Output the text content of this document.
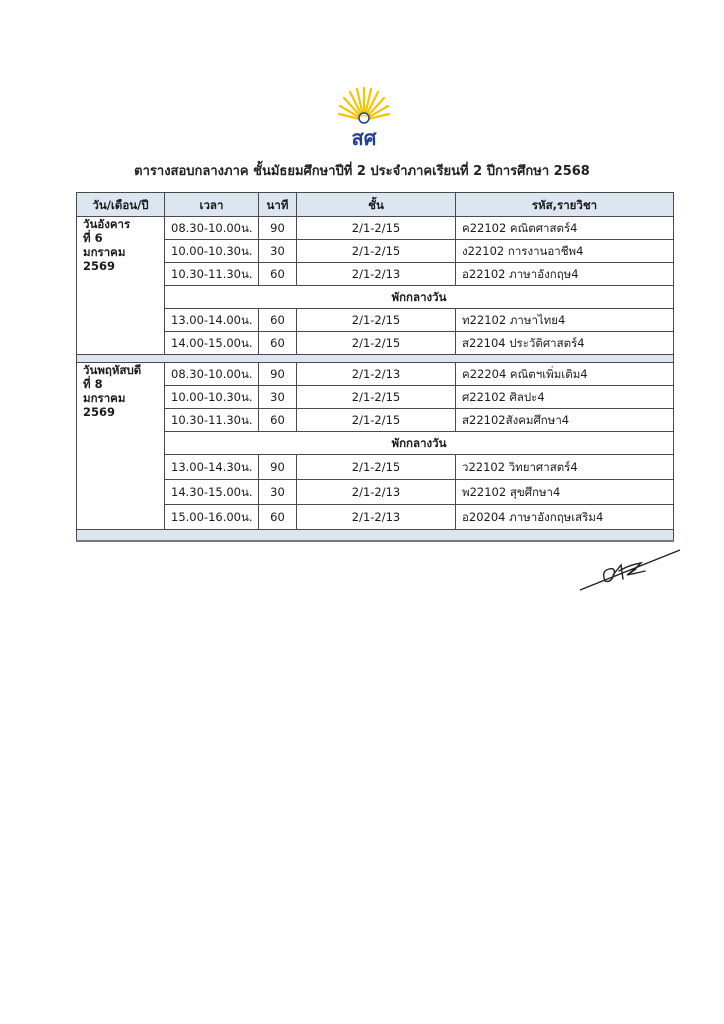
สศ
ตารางสอบกลางภาค ชั้นมัธยมศึกษาปีที่ 2 ประจำภาคเรียนที่ 2 ปีการศึกษา 2568
วัน/เดือน/ปี	เวลา	นาที	ชั้น	รหัส,รายวิชา

วันอังคาร
ที่ 6
มกราคม
2569	08.30-10.00น.	90	2/1-2/15	ค22102 คณิตศาสตร์4
	10.00-10.30น.	30	2/1-2/15	ง22102 การงานอาชีพ4
	10.30-11.30น.	60	2/1-2/13	อ22102 ภาษาอังกฤษ4
	พักกลางวัน			
	13.00-14.00น.	60	2/1-2/15	ท22102 ภาษาไทย4
	14.00-15.00น.	60	2/1-2/15	ส22104 ประวัติศาสตร์4

วันพฤหัสบดี
ที่ 8
มกราคม
2569	08.30-10.00น.	90	2/1-2/13	ค22204 คณิตฯเพิ่มเติม4
	10.00-10.30น.	30	2/1-2/15	ศ22102 ศิลปะ4
	10.30-11.30น.	60	2/1-2/15	ส22102สังคมศึกษา4
	พักกลางวัน			
	13.00-14.30น.	90	2/1-2/15	ว22102 วิทยาศาสตร์4
	14.30-15.00น.	30	2/1-2/13	พ22102 สุขศึกษา4
	15.00-16.00น.	60	2/1-2/13	อ20204 ภาษาอังกฤษเสริม4
